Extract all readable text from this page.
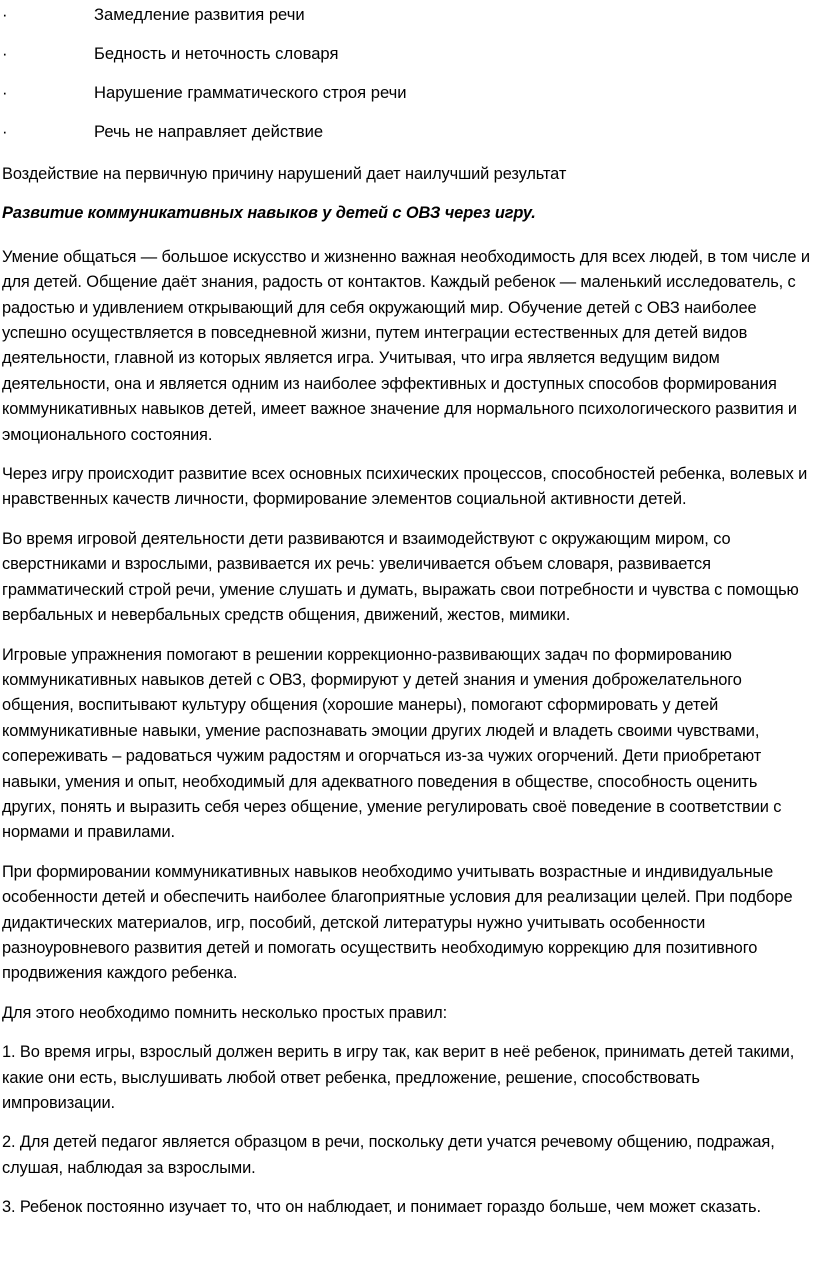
·	Замедление развития речи
·	Бедность и неточность словаря
·	Нарушение грамматического строя речи
·	Речь не направляет действие

Воздействие на первичную причину нарушений дает наилучший результат

Развитие коммуникативных навыков у детей с ОВЗ через игру.

Умение общаться — большое искусство и жизненно важная необходимость для всех людей, в том числе и для детей. Общение даёт знания, радость от контактов. Каждый ребенок — маленький исследователь, с радостью и удивлением открывающий для себя окружающий мир. Обучение детей с ОВЗ наиболее успешно осуществляется в повседневной жизни, путем интеграции естественных для детей видов деятельности, главной из которых является игра. Учитывая, что игра является ведущим видом деятельности, она и является одним из наиболее эффективных и доступных способов формирования коммуникативных навыков детей, имеет важное значение для нормального психологического развития и эмоционального состояния.

Через игру происходит развитие всех основных психических процессов, способностей ребенка, волевых и нравственных качеств личности, формирование элементов социальной активности детей.

Во время игровой деятельности дети развиваются и взаимодействуют с окружающим миром, со сверстниками и взрослыми, развивается их речь: увеличивается объем словаря, развивается грамматический строй речи, умение слушать и думать, выражать свои потребности и чувства с помощью вербальных и невербальных средств общения, движений, жестов, мимики.

Игровые упражнения помогают в решении коррекционно-развивающих задач по формированию коммуникативных навыков детей с ОВЗ, формируют у детей знания и умения доброжелательного общения, воспитывают культуру общения (хорошие манеры), помогают сформировать у детей коммуникативные навыки, умение распознавать эмоции других людей и владеть своими чувствами, сопереживать – радоваться чужим радостям и огорчаться из-за чужих огорчений. Дети приобретают навыки, умения и опыт, необходимый для адекватного поведения в обществе, способность оценить других, понять и выразить себя через общение, умение регулировать своё поведение в соответствии с нормами и правилами.

При формировании коммуникативных навыков необходимо учитывать возрастные и индивидуальные особенности детей и обеспечить наиболее благоприятные условия для реализации целей. При подборе дидактических материалов, игр, пособий, детской литературы нужно учитывать особенности разноуровневого развития детей и помогать осуществить необходимую коррекцию для позитивного продвижения каждого ребенка.

Для этого необходимо помнить несколько простых правил:

1. Во время игры, взрослый должен верить в игру так, как верит в неё ребенок, принимать детей такими, какие они есть, выслушивать любой ответ ребенка, предложение, решение, способствовать импровизации.

2. Для детей педагог является образцом в речи, поскольку дети учатся речевому общению, подражая, слушая, наблюдая за взрослыми.

3. Ребенок постоянно изучает то, что он наблюдает, и понимает гораздо больше, чем может сказать.
